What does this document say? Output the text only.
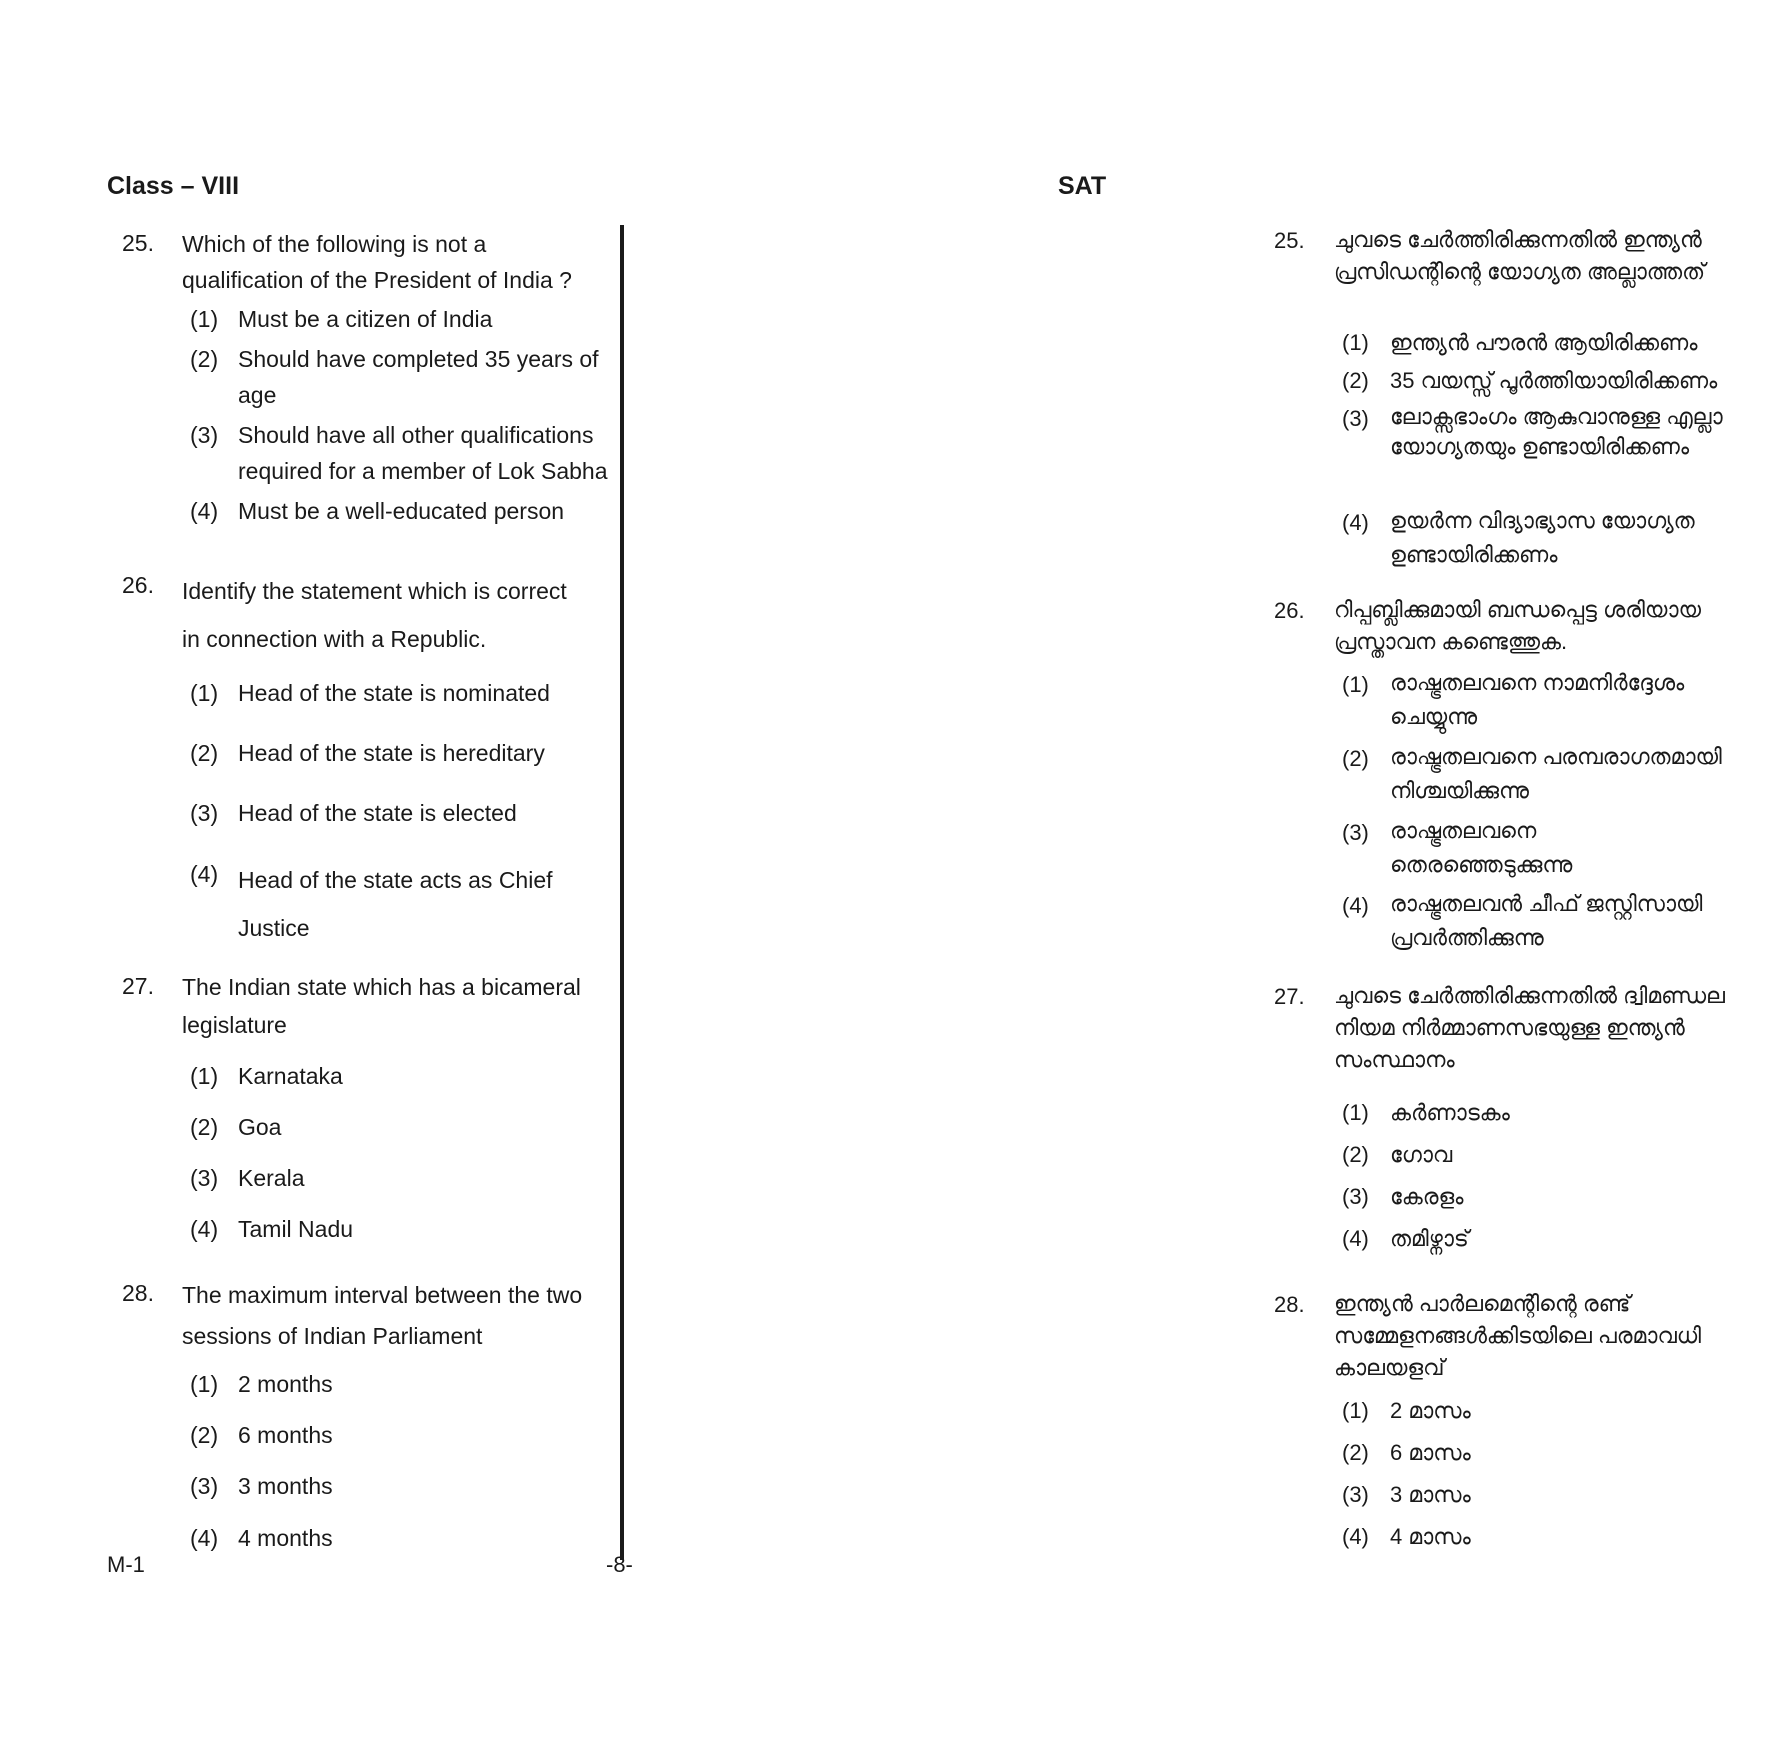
Class – VIII	SAT
25. Which of the following is not a qualification of the President of India ?
(1) Must be a citizen of India
(2) Should have completed 35 years of age
(3) Should have all other qualifications required for a member of Lok Sabha
(4) Must be a well-educated person
26. Identify the statement which is correct in connection with a Republic.
(1) Head of the state is nominated
(2) Head of the state is hereditary
(3) Head of the state is elected
(4) Head of the state acts as Chief Justice
27. The Indian state which has a bicameral legislature
(1) Karnataka
(2) Goa
(3) Kerala
(4) Tamil Nadu
28. The maximum interval between the two sessions of Indian Parliament
(1) 2 months
(2) 6 months
(3) 3 months
(4) 4 months
25. ചുവടെ ചേർത്തിരിക്കുന്നതിൽ ഇന്ത്യൻ പ്രസിഡന്റിന്റെ യോഗ്യത അല്ലാത്തത്
(1) ഇന്ത്യൻ പൗരൻ ആയിരിക്കണം
(2) 35 വയസ്സ് പൂർത്തിയായിരിക്കണം
(3) ലോക്സഭാംഗം ആകുവാനുള്ള എല്ലാ യോഗ്യതയും ഉണ്ടായിരിക്കണം
(4) ഉയർന്ന വിദ്യാഭ്യാസ യോഗ്യത ഉണ്ടായിരിക്കണം
26. റിപ്പബ്ലിക്കുമായി ബന്ധപ്പെട്ട ശരിയായ പ്രസ്താവന കണ്ടെത്തുക.
(1) രാഷ്ട്രതലവനെ നാമനിർദ്ദേശം ചെയ്യുന്നു
(2) രാഷ്ട്രതലവനെ പരമ്പരാഗതമായി നിശ്ചയിക്കുന്നു
(3) രാഷ്ട്രതലവനെ തെരഞ്ഞെടുക്കുന്നു
(4) രാഷ്ട്രതലവൻ ചീഫ് ജസ്റ്റിസായി പ്രവർത്തിക്കുന്നു
27. ചുവടെ ചേർത്തിരിക്കുന്നതിൽ ദ്വിമണ്ഡല നിയമ നിർമ്മാണസഭയുള്ള ഇന്ത്യൻ സംസ്ഥാനം
(1) കർണാടകം
(2) ഗോവ
(3) കേരളം
(4) തമിഴ്നാട്
28. ഇന്ത്യൻ പാർലമെന്റിന്റെ രണ്ട് സമ്മേളനങ്ങൾക്കിടയിലെ പരമാവധി കാലയളവ്
(1) 2 മാസം
(2) 6 മാസം
(3) 3 മാസം
(4) 4 മാസം
M-1	-8-
